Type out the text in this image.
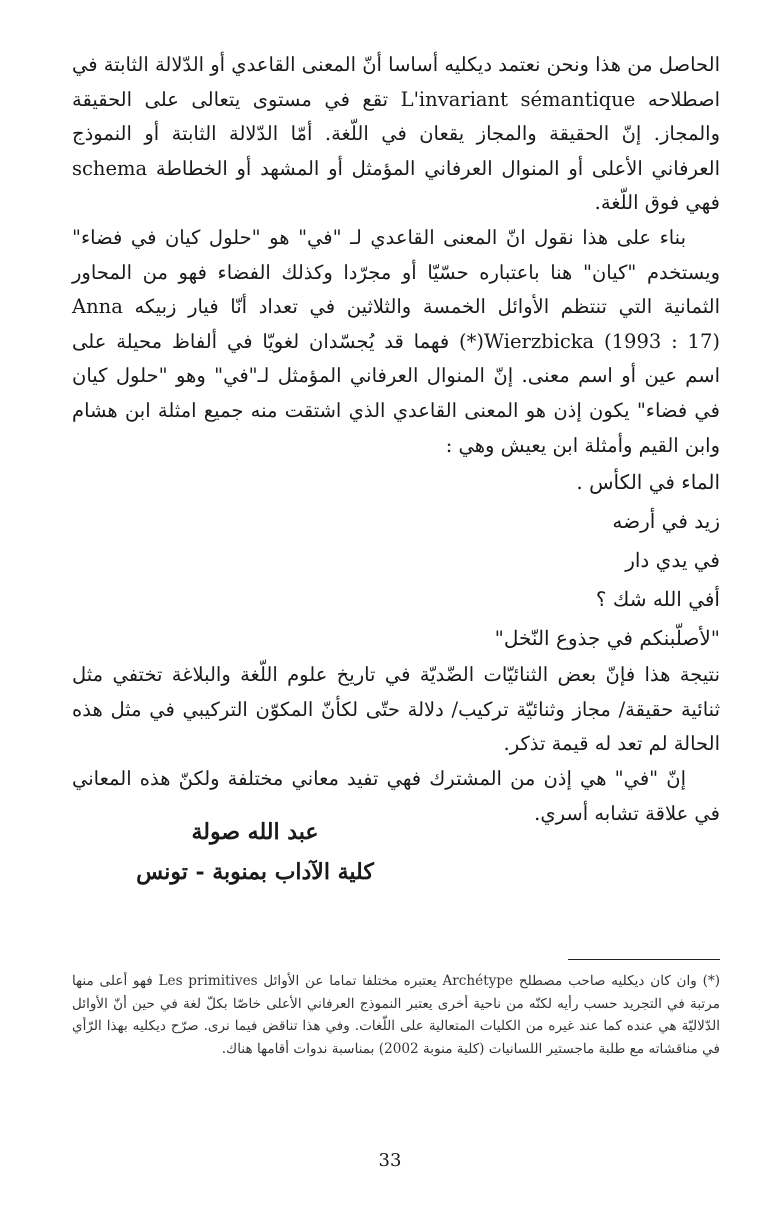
الحاصل من هذا ونحن نعتمد ديكليه أساسا أنّ المعنى القاعدي أو الدّلالة الثابتة في اصطلاحه L'invariant sémantique تقع في مستوى يتعالى على الحقيقة والمجاز. إنّ الحقيقة والمجاز يقعان في اللّغة. أمّا الدّلالة الثابتة أو النموذج العرفاني الأعلى أو المنوال العرفاني المؤمثل أو المشهد أو الخطاطة schema فهي فوق اللّغة.

بناء على هذا نقول انّ المعنى القاعدي لـ "في" هو "حلول كيان في فضاء" ويستخدم "كيان" هنا باعتباره حسّيّا أو مجرّدا وكذلك الفضاء فهو من المحاور الثمانية التي تنتظم الأوائل الخمسة والثلاثين في تعداد أنّا فيار زبيكه Anna Wierzbicka (1993 : 17)(*) فهما قد يُجسّدان لغويّا في ألفاظ محيلة على اسم عين أو اسم معنى. إنّ المنوال العرفاني المؤمثل لـ"في" وهو "حلول كيان في فضاء" يكون إذن هو المعنى القاعدي الذي اشتقت منه جميع امثلة ابن هشام وابن القيم وأمثلة ابن يعيش وهي :

الماء في الكأس .
زيد في أرضه
في يدي دار
أفي الله شك ؟
"لأصلّبنكم في جذوع النّخل"

نتيجة هذا فإنّ بعض الثنائيّات الضّديّة في تاريخ علوم اللّغة والبلاغة تختفي مثل ثنائية حقيقة/ مجاز وثنائيّة تركيب/ دلالة حتّى لكأنّ المكوّن التركيبي في مثل هذه الحالة لم تعد له قيمة تذكر.

إنّ "في" هي إذن من المشترك فهي تفيد معاني مختلفة ولكنّ هذه المعاني في علاقة تشابه أسري.

عبد الله صولة
كلية الآداب بمنوبة - تونس

(*) وان كان ديكليه صاحب مصطلح Archétype يعتبره مختلفا تماما عن الأوائل Les primitives فهو أعلى منها مرتبة في التجريد حسب رأيه لكنّه من ناحية أخرى يعتبر النموذج العرفاني الأعلى خاصّا بكلّ لغة في حين أنّ الأوائل الدّلاليّة هي عنده كما عند غيره من الكليات المتعالية على اللّغات. وفي هذا تناقض فيما نرى. صرّح ديكليه بهذا الرّأي في مناقشاته مع طلبة ماجستير اللسانيات (كلية منوبة 2002) بمناسبة ندوات أقامها هناك.

33
